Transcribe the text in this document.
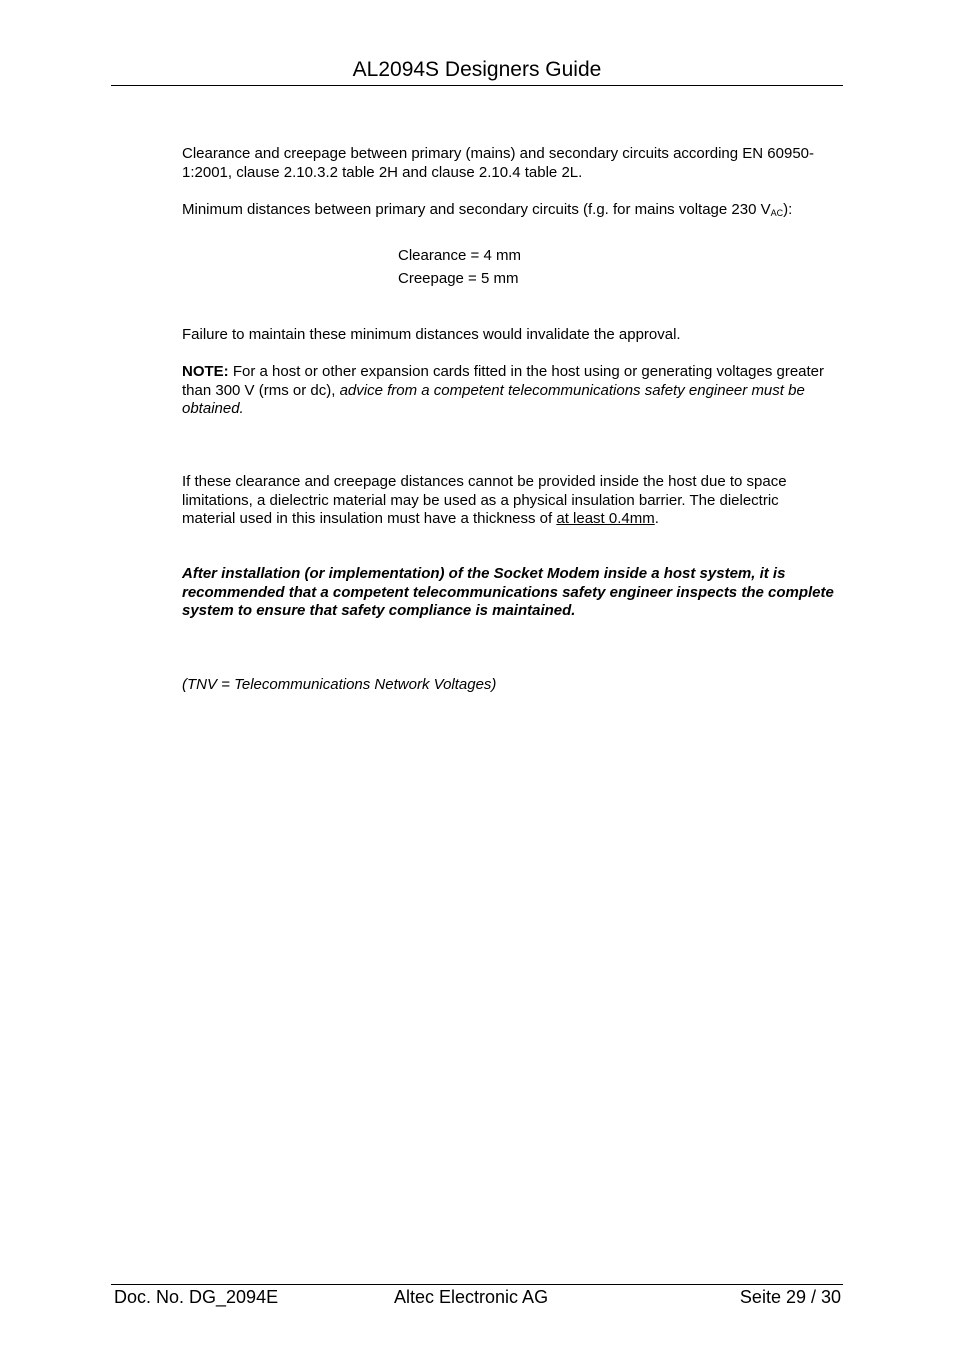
AL2094S Designers Guide

Clearance and creepage between primary (mains) and secondary circuits according EN 60950-1:2001, clause 2.10.3.2 table 2H and clause 2.10.4 table 2L.

Minimum distances between primary and secondary circuits (f.g. for mains voltage 230 $V_{AC}$):

Clearance = 4 mm
Creepage = 5 mm

Failure to maintain these minimum distances would invalidate the approval.

NOTE: For a host or other expansion cards fitted in the host using or generating voltages greater than 300 V (rms or dc), advice from a competent telecommunications safety engineer must be obtained.

If these clearance and creepage distances cannot be provided inside the host due to space limitations, a dielectric material may be used as a physical insulation barrier. The dielectric material used in this insulation must have a thickness of at least 0.4mm.

After installation (or implementation) of the Socket Modem inside a host system, it is recommended that a competent telecommunications safety engineer inspects the complete system to ensure that safety compliance is maintained.

(TNV = Telecommunications Network Voltages)

Doc. No. DG_2094E	Altec Electronic AG	Seite 29 / 30
